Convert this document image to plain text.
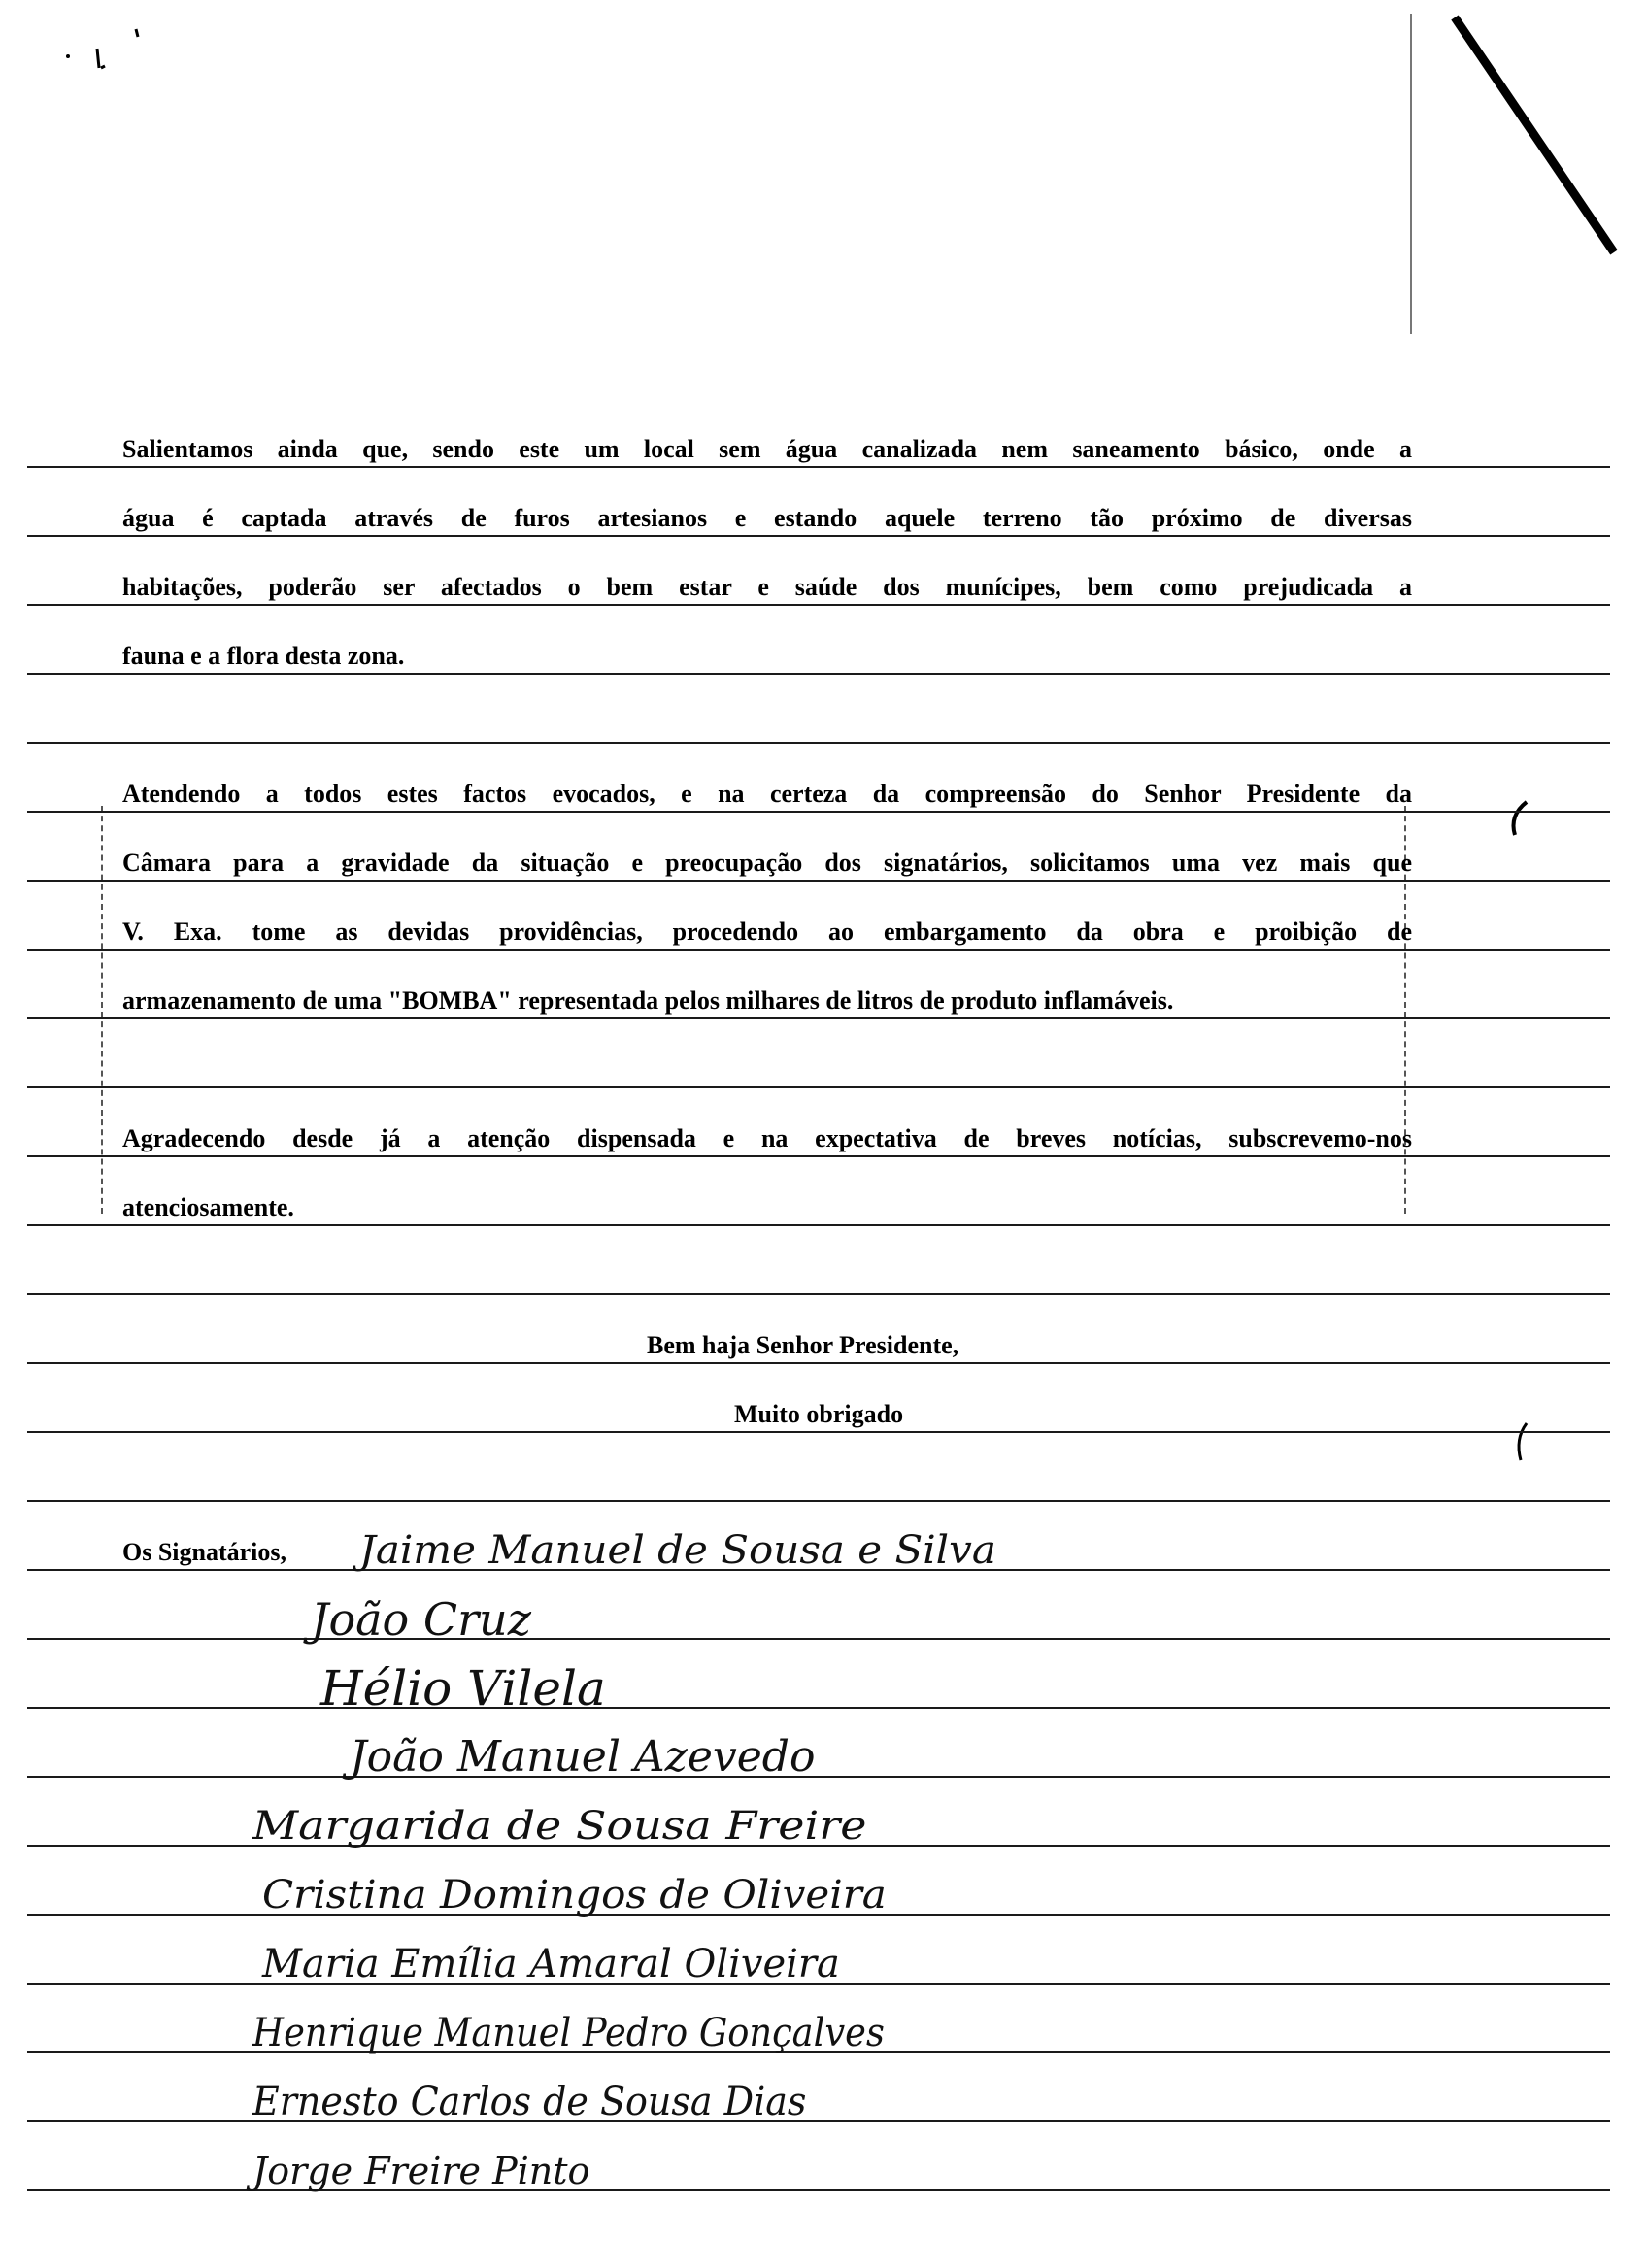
Salientamos ainda que, sendo este um local sem água canalizada nem saneamento básico, onde a
água é captada através de furos artesianos e estando aquele terreno tão próximo de diversas
habitações, poderão ser afectados o bem estar e saúde dos munícipes, bem como prejudicada a
fauna e a flora desta zona.
Atendendo a todos estes factos evocados, e na certeza da compreensão do Senhor Presidente da
Câmara para a gravidade da situação e preocupação dos signatários, solicitamos uma vez mais que
V. Exa. tome as devidas providências, procedendo ao embargamento da obra e proibição de
armazenamento de uma "BOMBA" representada pelos milhares de litros de produto inflamáveis.
Agradecendo desde já a atenção dispensada e na expectativa de breves notícias, subscrevemo-nos
atenciosamente.
Bem haja Senhor Presidente,
Muito obrigado
Os Signatários, Jaime Manuel de Sousa e Silva
João Cruz
Hélio Vilela
João Manuel Azevedo
Margarida de Sousa Freire
Cristina Domingos de Oliveira
Maria Emília Amaral Oliveira
Henrique Manuel Pedro Gonçalves
Ernesto Carlos de Sousa Dias
Jorge Freire Pinto
